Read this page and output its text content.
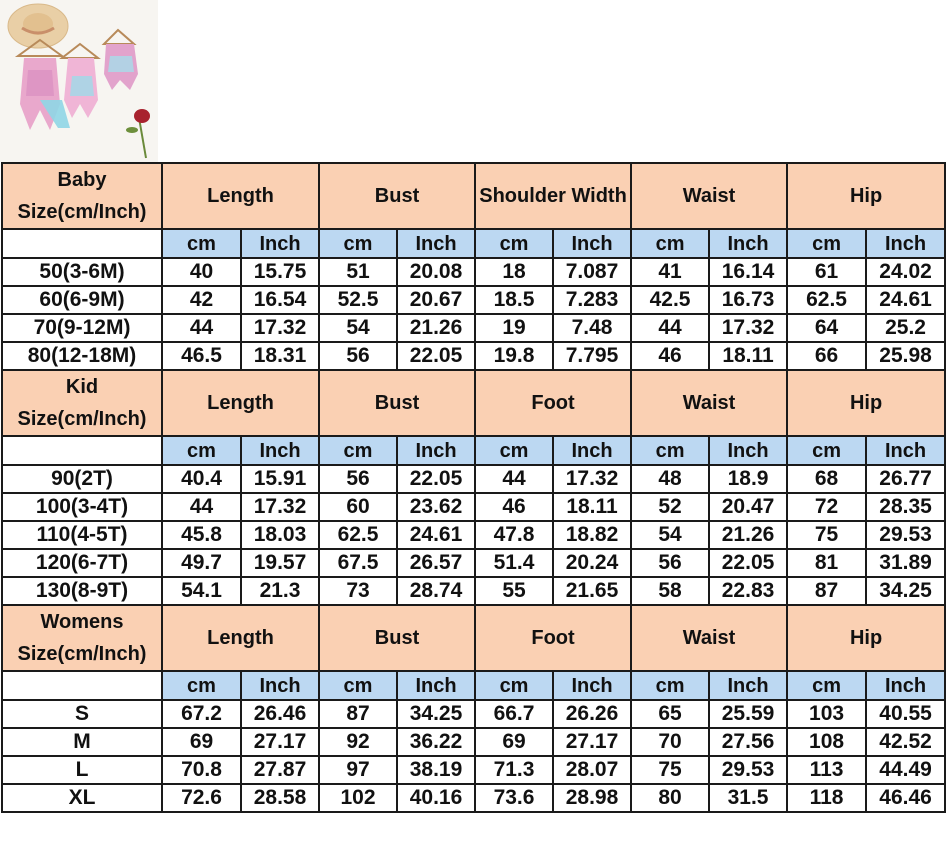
Baby
Size(cm/Inch)	Length		Bust		Shoulder Width		Waist		Hip	
	cm	Inch	cm	Inch	cm	Inch	cm	Inch	cm	Inch
50(3-6M)	40	15.75	51	20.08	18	7.087	41	16.14	61	24.02
60(6-9M)	42	16.54	52.5	20.67	18.5	7.283	42.5	16.73	62.5	24.61
70(9-12M)	44	17.32	54	21.26	19	7.48	44	17.32	64	25.2
80(12-18M)	46.5	18.31	56	22.05	19.8	7.795	46	18.11	66	25.98

Kid
Size(cm/Inch)	Length		Bust		Foot		Waist		Hip	
	cm	Inch	cm	Inch	cm	Inch	cm	Inch	cm	Inch
90(2T)	40.4	15.91	56	22.05	44	17.32	48	18.9	68	26.77
100(3-4T)	44	17.32	60	23.62	46	18.11	52	20.47	72	28.35
110(4-5T)	45.8	18.03	62.5	24.61	47.8	18.82	54	21.26	75	29.53
120(6-7T)	49.7	19.57	67.5	26.57	51.4	20.24	56	22.05	81	31.89
130(8-9T)	54.1	21.3	73	28.74	55	21.65	58	22.83	87	34.25

Womens
Size(cm/Inch)	Length		Bust		Foot		Waist		Hip	
	cm	Inch	cm	Inch	cm	Inch	cm	Inch	cm	Inch
S	67.2	26.46	87	34.25	66.7	26.26	65	25.59	103	40.55
M	69	27.17	92	36.22	69	27.17	70	27.56	108	42.52
L	70.8	27.87	97	38.19	71.3	28.07	75	29.53	113	44.49
XL	72.6	28.58	102	40.16	73.6	28.98	80	31.5	118	46.46
